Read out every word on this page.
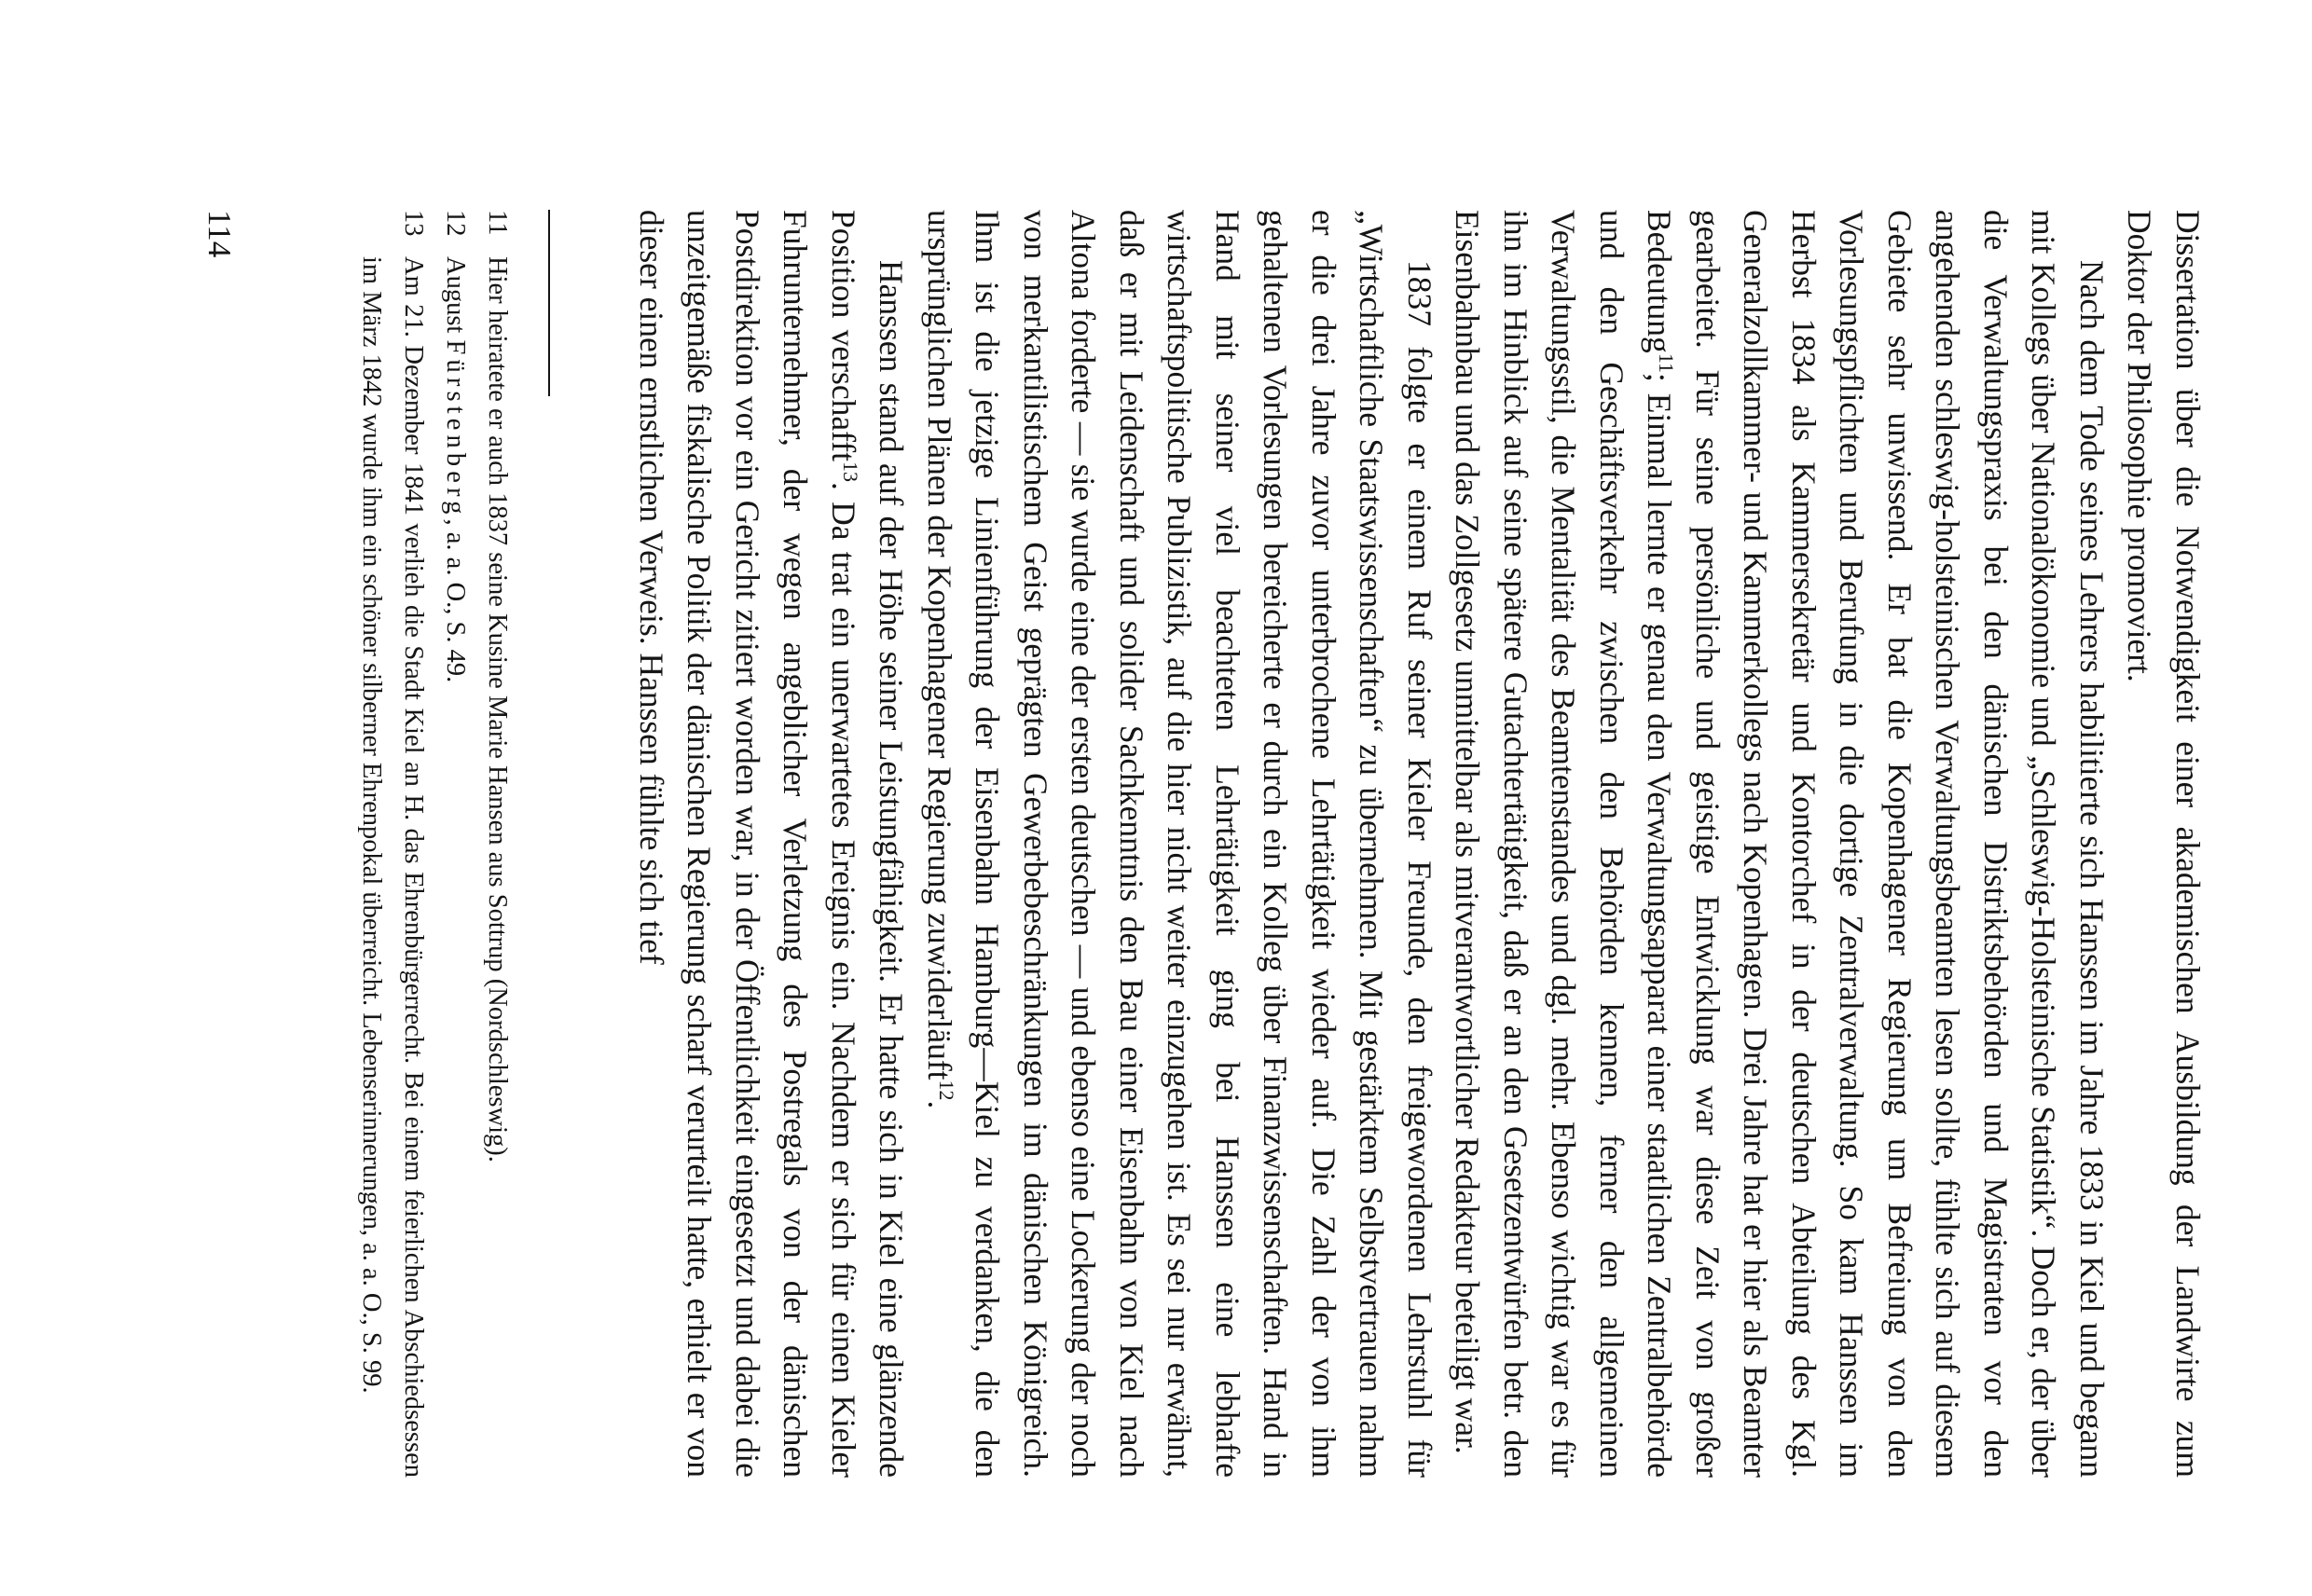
Dissertation über die Notwendigkeit einer akademischen Ausbildung der Landwirte zum Doktor der Philosophie promoviert.

Nach dem Tode seines Lehrers habilitierte sich Hanssen im Jahre 1833 in Kiel und begann mit Kollegs über Nationalökonomie und „Schleswig-Holsteinische Statistik“. Doch er, der über die Verwaltungspraxis bei den dänischen Distriktsbehörden und Magistraten vor den angehenden schleswig-holsteinischen Verwaltungsbeamten lesen sollte, fühlte sich auf diesem Gebiete sehr unwissend. Er bat die Kopenhagener Regierung um Befreiung von den Vorlesungspflichten und Berufung in die dortige Zentralverwaltung. So kam Hanssen im Herbst 1834 als Kammersekretär und Kontorchef in der deutschen Abteilung des Kgl. Generalzollkammer- und Kammerkollegs nach Kopenhagen. Drei Jahre hat er hier als Beamter gearbeitet. Für seine persönliche und geistige Entwicklung war diese Zeit von großer Bedeutung$^{11}$; Einmal lernte er genau den Verwaltungsapparat einer staatlichen Zentralbehörde und den Geschäftsverkehr zwischen den Behörden kennen, ferner den allgemeinen Verwaltungsstil, die Mentalität des Beamtenstandes und dgl. mehr. Ebenso wichtig war es für ihn im Hinblick auf seine spätere Gutachtertätigkeit, daß er an den Gesetzentwürfen betr. den Eisenbahnbau und das Zollgesetz unmittelbar als mitverantwortlicher Redakteur beteiligt war.

1837 folgte er einem Ruf seiner Kieler Freunde, den freigewordenen Lehrstuhl für „Wirtschaftliche Staatswissenschaften“ zu übernehmen. Mit gestärktem Selbstvertrauen nahm er die drei Jahre zuvor unterbrochene Lehrtätigkeit wieder auf. Die Zahl der von ihm gehaltenen Vorlesungen bereicherte er durch ein Kolleg über Finanzwissenschaften. Hand in Hand mit seiner viel beachteten Lehrtätigkeit ging bei Hanssen eine lebhafte wirtschaftspolitische Publizistik, auf die hier nicht weiter einzugehen ist. Es sei nur erwähnt, daß er mit Leidenschaft und solider Sachkenntnis den Bau einer Eisenbahn von Kiel nach Altona forderte — sie wurde eine der ersten deutschen — und ebenso eine Lockerung der noch von merkantilistischem Geist geprägten Gewerbebeschränkungen im dänischen Königreich. Ihm ist die jetzige Linienführung der Eisenbahn Hamburg—Kiel zu verdanken, die den ursprünglichen Plänen der Kopenhagener Regierung zuwiderläuft$^{12}$.

Hanssen stand auf der Höhe seiner Leistungfähigkeit. Er hatte sich in Kiel eine glänzende Position verschafft$^{13}$. Da trat ein unerwartetes Ereignis ein. Nachdem er sich für einen Kieler Fuhrunternehmer, der wegen angeblicher Verletzung des Postregals von der dänischen Postdirektion vor ein Gericht zitiert worden war, in der Öffentlichkeit eingesetzt und dabei die unzeitgemäße fiskalische Politik der dänischen Regierung scharf verurteilt hatte, erhielt er von dieser einen ernstlichen Verweis. Hanssen fühlte sich tief

11
Hier heiratete er auch 1837 seine Kusine Marie Hansen aus Sottrup (Nordschleswig).

12
August Fürstenberg, a. a. O., S. 49.

13
Am 21. Dezember 1841 verlieh die Stadt Kiel an H. das Ehrenbürgerrecht. Bei einem feierlichen Abschiedsessen im März 1842 wurde ihm ein schöner silberner Ehrenpokal überreicht. Lebenserinnerungen, a. a. O., S. 99.

114
